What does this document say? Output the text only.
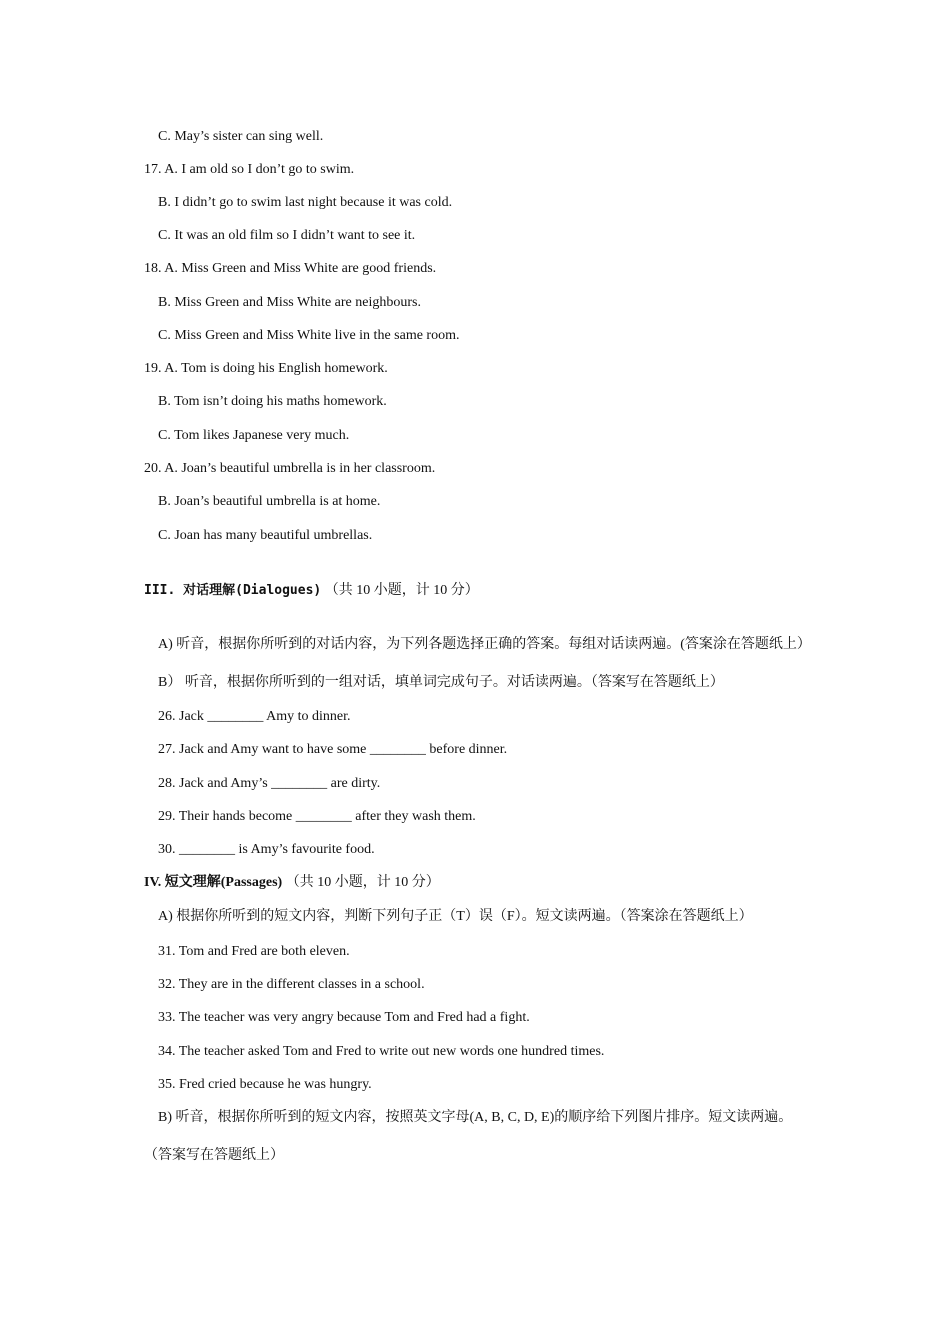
C. May’s sister can sing well.
17. A. I am old so I don’t go to swim.
B. I didn’t go to swim last night because it was cold.
C. It was an old film so I didn’t want to see it.
18. A. Miss Green and Miss White are good friends.
B. Miss Green and Miss White are neighbours.
C. Miss Green and Miss White live in the same room.
19. A. Tom is doing his English homework.
B. Tom isn’t doing his maths homework.
C. Tom likes Japanese very much.
20. A. Joan’s beautiful umbrella is in her classroom.
B. Joan’s beautiful umbrella is at home.
C. Joan has many beautiful umbrellas.
III. 对话理解(Dialogues) （共 10 小题，计 10 分）
A) 听音，根据你所听到的对话内容，为下列各题选择正确的答案。每组对话读两遍。(答案涂在答题纸上）
B） 听音，根据你所听到的一组对话，填单词完成句子。对话读两遍。（答案写在答题纸上）
26. Jack ________ Amy to dinner.
27. Jack and Amy want to have some ________ before dinner.
28. Jack and Amy’s ________ are dirty.
29. Their hands become ________ after they wash them.
30. ________ is Amy’s favourite food.
IV. 短文理解(Passages) （共 10 小题，计 10 分）
A) 根据你所听到的短文内容，判断下列句子正（T）误（F）。短文读两遍。（答案涂在答题纸上）
31. Tom and Fred are both eleven.
32. They are in the different classes in a school.
33. The teacher was very angry because Tom and Fred had a fight.
34. The teacher asked Tom and Fred to write out new words one hundred times.
35. Fred cried because he was hungry.
B) 听音，根据你所听到的短文内容，按照英文字母(A, B, C, D, E)的顺序给下列图片排序。短文读两遍。
（答案写在答题纸上）
